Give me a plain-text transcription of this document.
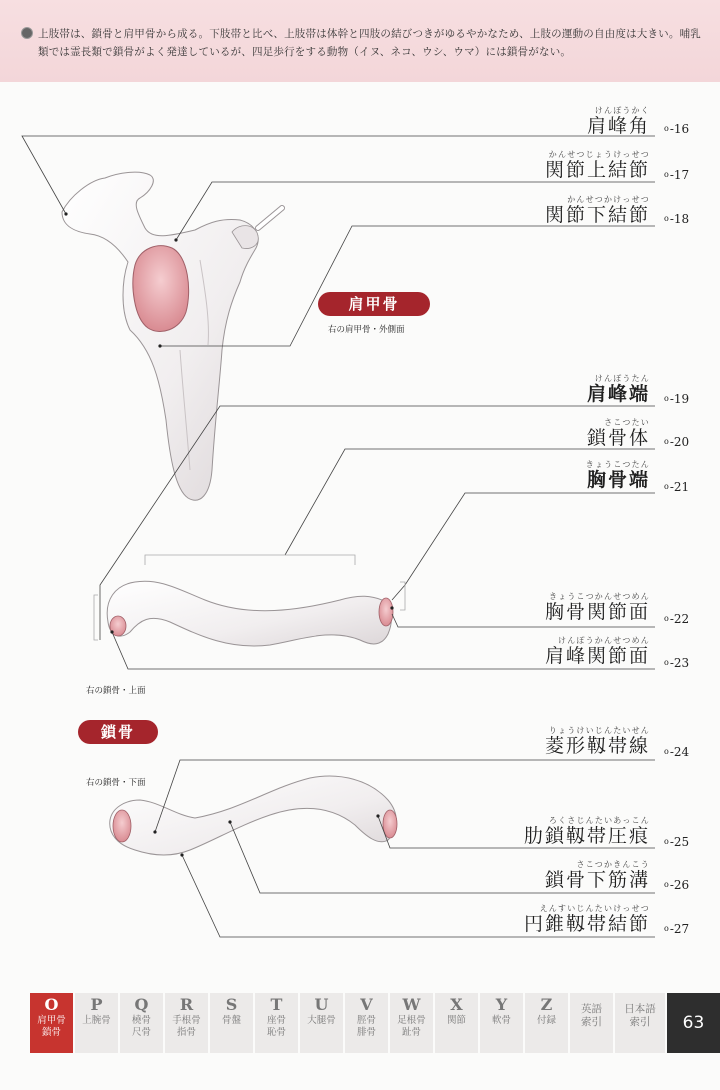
上肢帯は、鎖骨と肩甲骨から成る。下肢帯と比べ、上肢帯は体幹と四肢の結びつきがゆるやかなため、上肢の運動の自由度は大きい。哺乳類では霊長類で鎖骨がよく発達しているが、四足歩行をする動物（イヌ、ネコ、ウシ、ウマ）には鎖骨がない。
肩甲骨
右の肩甲骨・外側面
右の鎖骨・上面
鎖骨
右の鎖骨・下面
けんぽうかく
肩峰角 o-16
かんせつじょうけっせつ
関節上結節 o-17
かんせつかけっせつ
関節下結節 o-18
けんぽうたん
肩峰端 o-19
さこつたい
鎖骨体 o-20
きょうこつたん
胸骨端 o-21
きょうこつかんせつめん
胸骨関節面 o-22
けんぽうかんせつめん
肩峰関節面 o-23
りょうけいじんたいせん
菱形靱帯線 o-24
ろくさじんたいあっこん
肋鎖靱帯圧痕 o-25
さこつかきんこう
鎖骨下筋溝 o-26
えんすいじんたいけっせつ
円錐靱帯結節 o-27
O
肩甲骨
鎖骨
P
上腕骨
Q
橈骨
尺骨
R
手根骨
指骨
S
骨盤
T
座骨
恥骨
U
大腿骨
V
脛骨
腓骨
W
足根骨
趾骨
X
関節
Y
軟骨
Z
付録
英語
索引
日本語
索引	63
